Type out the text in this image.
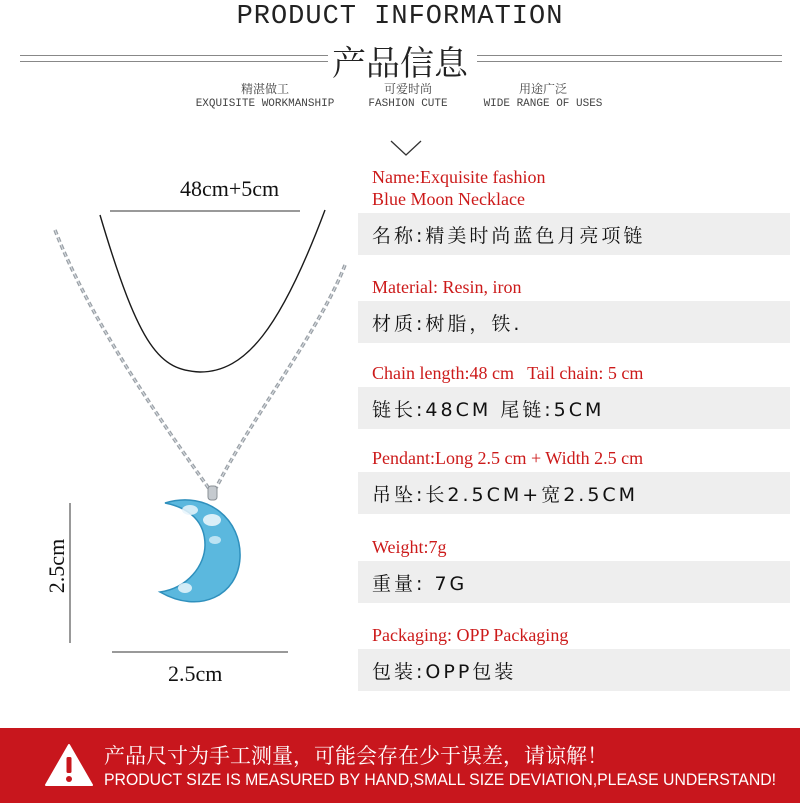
PRODUCT INFORMATION
产品信息
精湛做工
EXQUISITE WORKMANSHIP
可爱时尚
FASHION CUTE
用途广泛
WIDE RANGE OF USES
48cm+5cm
2.5cm
2.5cm
Name:Exquisite fashion
Blue Moon Necklace
名称:精美时尚蓝色月亮项链
Material: Resin, iron
材质:树脂，铁.
Chain length:48 cm   Tail chain: 5 cm
链长:48CM 尾链:5CM
Pendant:Long 2.5 cm + Width 2.5 cm
吊坠:长2.5CM+宽2.5CM
Weight:7g
重量: 7G
Packaging: OPP Packaging
包装:OPP包装
产品尺寸为手工测量，可能会存在少于误差，请谅解！
PRODUCT SIZE IS MEASURED BY HAND,SMALL SIZE DEVIATION,PLEASE UNDERSTAND!
